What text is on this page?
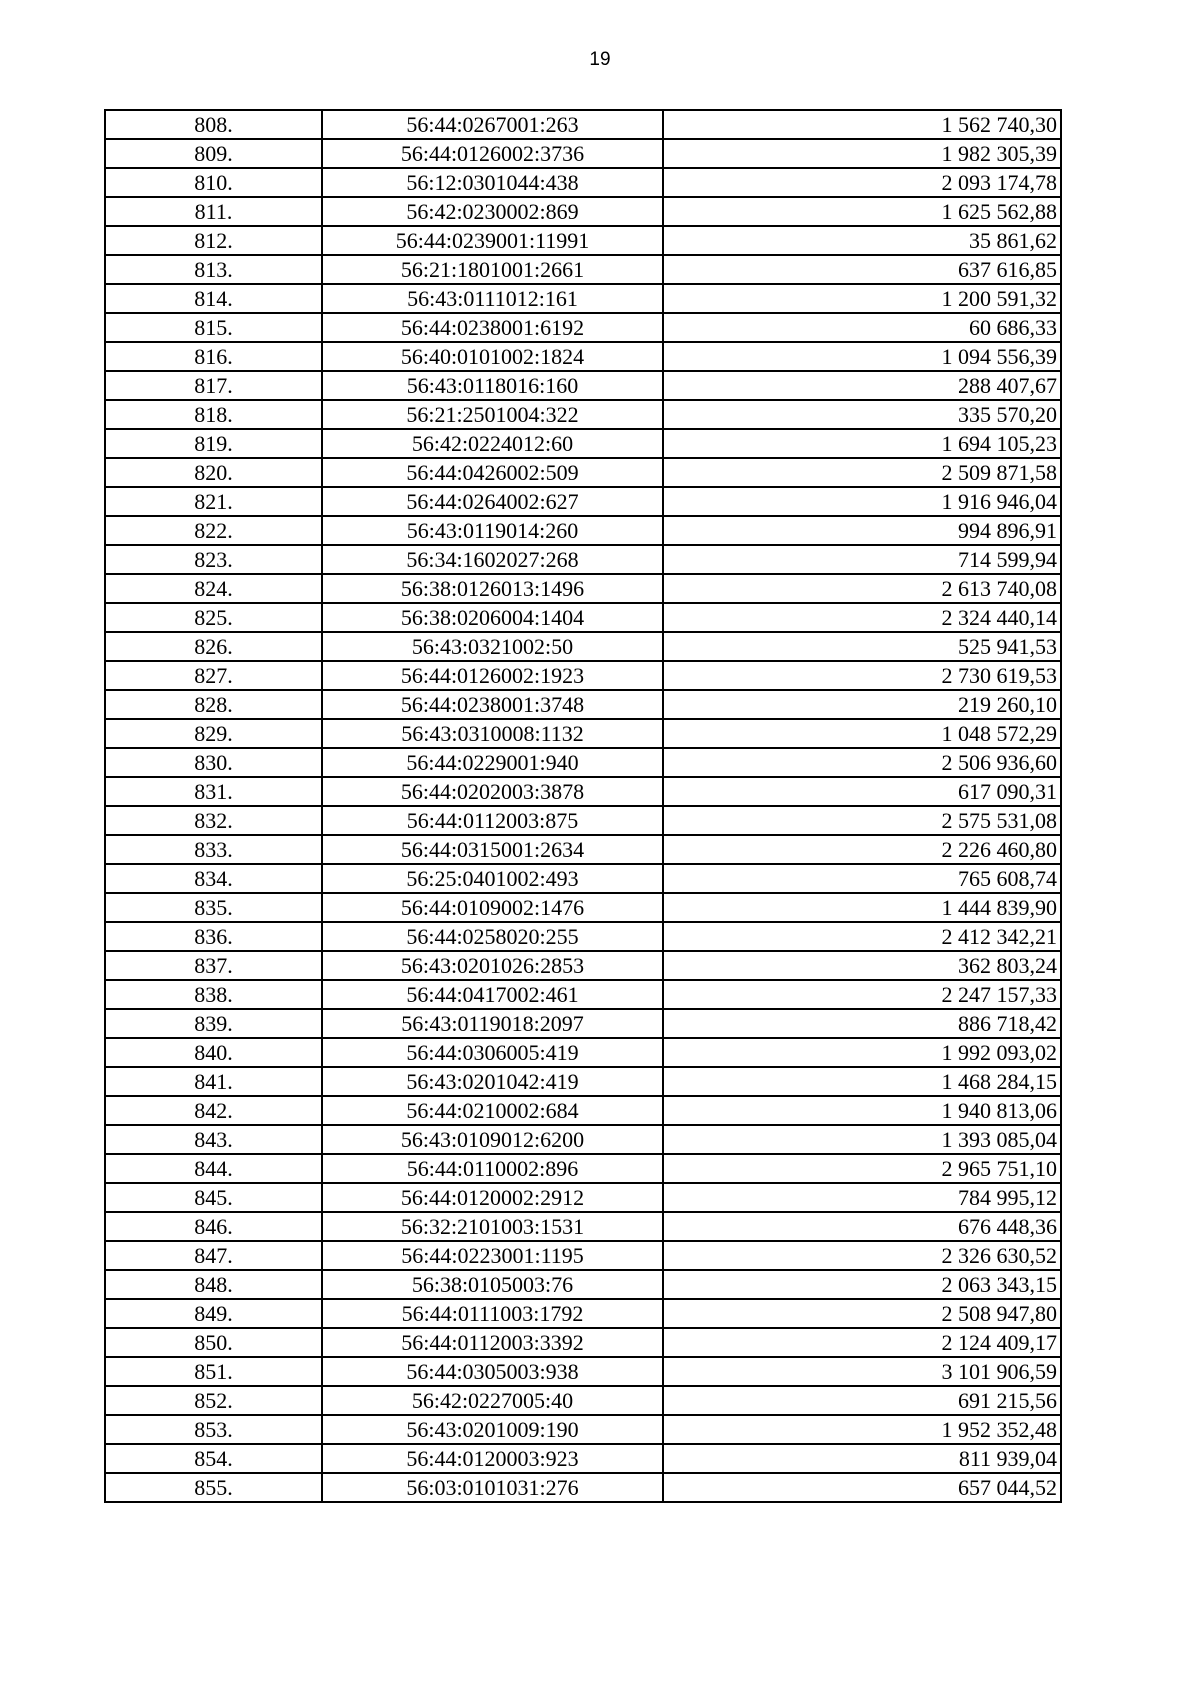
19
808.	56:44:0267001:263	1 562 740,30
809.	56:44:0126002:3736	1 982 305,39
810.	56:12:0301044:438	2 093 174,78
811.	56:42:0230002:869	1 625 562,88
812.	56:44:0239001:11991	35 861,62
813.	56:21:1801001:2661	637 616,85
814.	56:43:0111012:161	1 200 591,32
815.	56:44:0238001:6192	60 686,33
816.	56:40:0101002:1824	1 094 556,39
817.	56:43:0118016:160	288 407,67
818.	56:21:2501004:322	335 570,20
819.	56:42:0224012:60	1 694 105,23
820.	56:44:0426002:509	2 509 871,58
821.	56:44:0264002:627	1 916 946,04
822.	56:43:0119014:260	994 896,91
823.	56:34:1602027:268	714 599,94
824.	56:38:0126013:1496	2 613 740,08
825.	56:38:0206004:1404	2 324 440,14
826.	56:43:0321002:50	525 941,53
827.	56:44:0126002:1923	2 730 619,53
828.	56:44:0238001:3748	219 260,10
829.	56:43:0310008:1132	1 048 572,29
830.	56:44:0229001:940	2 506 936,60
831.	56:44:0202003:3878	617 090,31
832.	56:44:0112003:875	2 575 531,08
833.	56:44:0315001:2634	2 226 460,80
834.	56:25:0401002:493	765 608,74
835.	56:44:0109002:1476	1 444 839,90
836.	56:44:0258020:255	2 412 342,21
837.	56:43:0201026:2853	362 803,24
838.	56:44:0417002:461	2 247 157,33
839.	56:43:0119018:2097	886 718,42
840.	56:44:0306005:419	1 992 093,02
841.	56:43:0201042:419	1 468 284,15
842.	56:44:0210002:684	1 940 813,06
843.	56:43:0109012:6200	1 393 085,04
844.	56:44:0110002:896	2 965 751,10
845.	56:44:0120002:2912	784 995,12
846.	56:32:2101003:1531	676 448,36
847.	56:44:0223001:1195	2 326 630,52
848.	56:38:0105003:76	2 063 343,15
849.	56:44:0111003:1792	2 508 947,80
850.	56:44:0112003:3392	2 124 409,17
851.	56:44:0305003:938	3 101 906,59
852.	56:42:0227005:40	691 215,56
853.	56:43:0201009:190	1 952 352,48
854.	56:44:0120003:923	811 939,04
855.	56:03:0101031:276	657 044,52
